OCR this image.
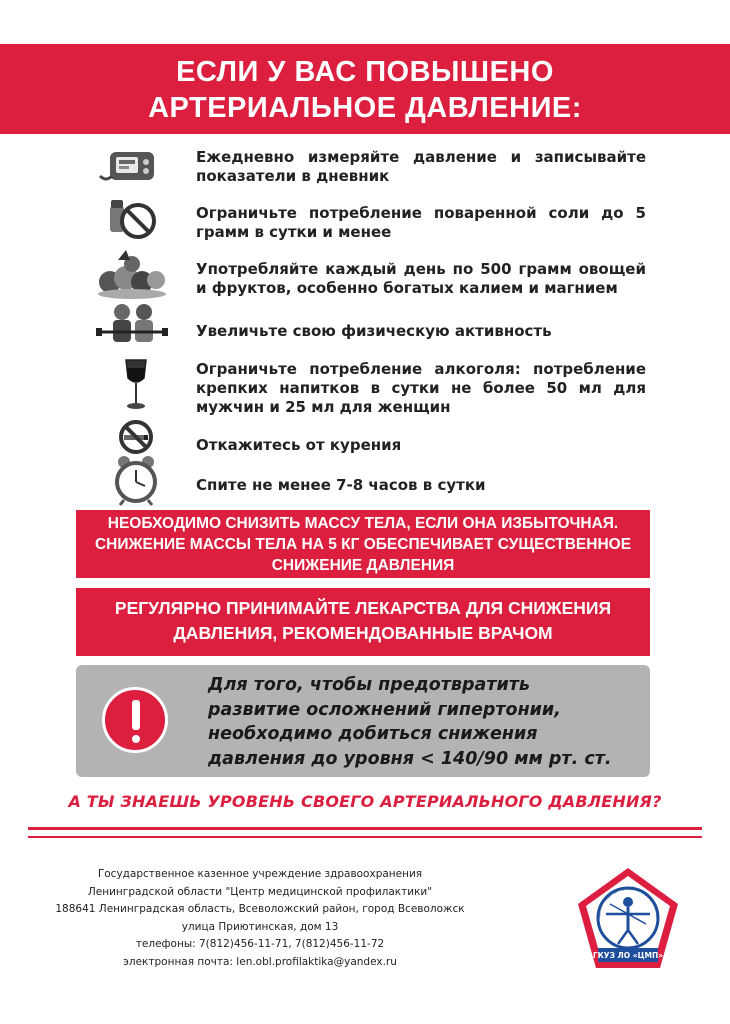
ЕСЛИ У ВАС ПОВЫШЕНО
АРТЕРИАЛЬНОЕ ДАВЛЕНИЕ:
Ежедневно измеряйте давление и записывайте показатели в дневник
Ограничьте потребление поваренной соли до 5 грамм в сутки и менее
Употребляйте каждый день по 500 грамм овощей и фруктов, особенно богатых калием и магнием
Увеличьте свою физическую активность
Ограничьте потребление алкоголя: потребление крепких напитков в сутки не более 50 мл для мужчин и 25 мл для женщин
Откажитесь от курения
Спите не менее 7-8 часов в сутки
НЕОБХОДИМО СНИЗИТЬ МАССУ ТЕЛА, ЕСЛИ ОНА ИЗБЫТОЧНАЯ.
СНИЖЕНИЕ МАССЫ ТЕЛА НА 5 КГ ОБЕСПЕЧИВАЕТ СУЩЕСТВЕННОЕ
СНИЖЕНИЕ ДАВЛЕНИЯ
РЕГУЛЯРНО ПРИНИМАЙТЕ ЛЕКАРСТВА ДЛЯ СНИЖЕНИЯ
ДАВЛЕНИЯ, РЕКОМЕНДОВАННЫЕ ВРАЧОМ
Для того, чтобы предотвратить
развитие осложнений гипертонии,
необходимо добиться снижения
давления до уровня < 140/90 мм рт. ст.
А ТЫ ЗНАЕШЬ УРОВЕНЬ СВОЕГО АРТЕРИАЛЬНОГО ДАВЛЕНИЯ?
Государственное казенное учреждение здравоохранения
Ленинградской области "Центр медицинской профилактики"
188641 Ленинградская область, Всеволожский район, город Всеволожск
улица Приютинская, дом 13
телефоны: 7(812)456-11-71, 7(812)456-11-72
электронная почта: len.obl.profilaktika@yandex.ru	ГКУЗ ЛО «ЦМП»
ЦЕНТР МЕДИЦИНСКОЙ ПРОФИЛАКТИКИ
